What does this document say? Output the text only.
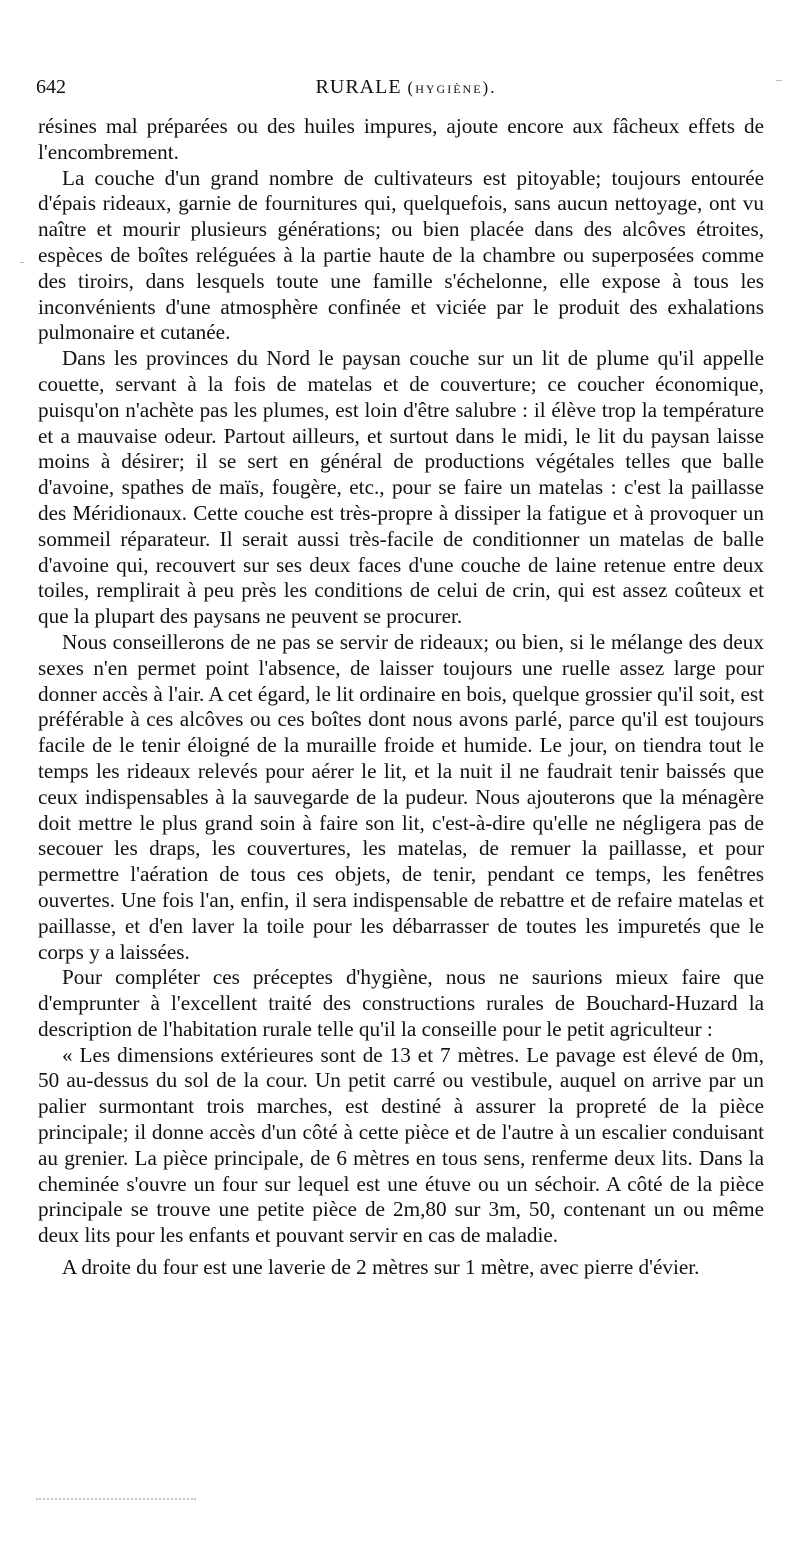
642	RURALE (hygiène).

résines mal préparées ou des huiles impures, ajoute encore aux fâcheux effets de l'encombrement.

La couche d'un grand nombre de cultivateurs est pitoyable; toujours entourée d'épais rideaux, garnie de fournitures qui, quelquefois, sans aucun nettoyage, ont vu naître et mourir plusieurs générations; ou bien placée dans des alcôves étroites, espèces de boîtes reléguées à la partie haute de la chambre ou superposées comme des tiroirs, dans lesquels toute une famille s'échelonne, elle expose à tous les inconvénients d'une atmosphère confinée et viciée par le produit des exhalations pulmonaire et cutanée.

Dans les provinces du Nord le paysan couche sur un lit de plume qu'il appelle couette, servant à la fois de matelas et de couverture; ce coucher économique, puisqu'on n'achète pas les plumes, est loin d'être salubre : il élève trop la température et a mauvaise odeur. Partout ailleurs, et surtout dans le midi, le lit du paysan laisse moins à désirer; il se sert en général de productions végétales telles que balle d'avoine, spathes de maïs, fougère, etc., pour se faire un matelas : c'est la paillasse des Méridionaux. Cette couche est très-propre à dissiper la fatigue et à provoquer un sommeil réparateur. Il serait aussi très-facile de conditionner un matelas de balle d'avoine qui, recouvert sur ses deux faces d'une couche de laine retenue entre deux toiles, remplirait à peu près les conditions de celui de crin, qui est assez coûteux et que la plupart des paysans ne peuvent se procurer.

Nous conseillerons de ne pas se servir de rideaux; ou bien, si le mélange des deux sexes n'en permet point l'absence, de laisser toujours une ruelle assez large pour donner accès à l'air. A cet égard, le lit ordinaire en bois, quelque grossier qu'il soit, est préférable à ces alcôves ou ces boîtes dont nous avons parlé, parce qu'il est toujours facile de le tenir éloigné de la muraille froide et humide. Le jour, on tiendra tout le temps les rideaux relevés pour aérer le lit, et la nuit il ne faudrait tenir baissés que ceux indispensables à la sauvegarde de la pudeur. Nous ajouterons que la ménagère doit mettre le plus grand soin à faire son lit, c'est-à-dire qu'elle ne négligera pas de secouer les draps, les couvertures, les matelas, de remuer la paillasse, et pour permettre l'aération de tous ces objets, de tenir, pendant ce temps, les fenêtres ouvertes. Une fois l'an, enfin, il sera indispensable de rebattre et de refaire matelas et paillasse, et d'en laver la toile pour les débarrasser de toutes les impuretés que le corps y a laissées.

Pour compléter ces préceptes d'hygiène, nous ne saurions mieux faire que d'emprunter à l'excellent traité des constructions rurales de Bouchard-Huzard la description de l'habitation rurale telle qu'il la conseille pour le petit agriculteur :

« Les dimensions extérieures sont de 13 et 7 mètres. Le pavage est élevé de 0m, 50 au-dessus du sol de la cour. Un petit carré ou vestibule, auquel on arrive par un palier surmontant trois marches, est destiné à assurer la propreté de la pièce principale; il donne accès d'un côté à cette pièce et de l'autre à un escalier conduisant au grenier. La pièce principale, de 6 mètres en tous sens, renferme deux lits. Dans la cheminée s'ouvre un four sur lequel est une étuve ou un séchoir. A côté de la pièce principale se trouve une petite pièce de 2m,80 sur 3m, 50, contenant un ou même deux lits pour les enfants et pouvant servir en cas de maladie.

A droite du four est une laverie de 2 mètres sur 1 mètre, avec pierre d'évier.
